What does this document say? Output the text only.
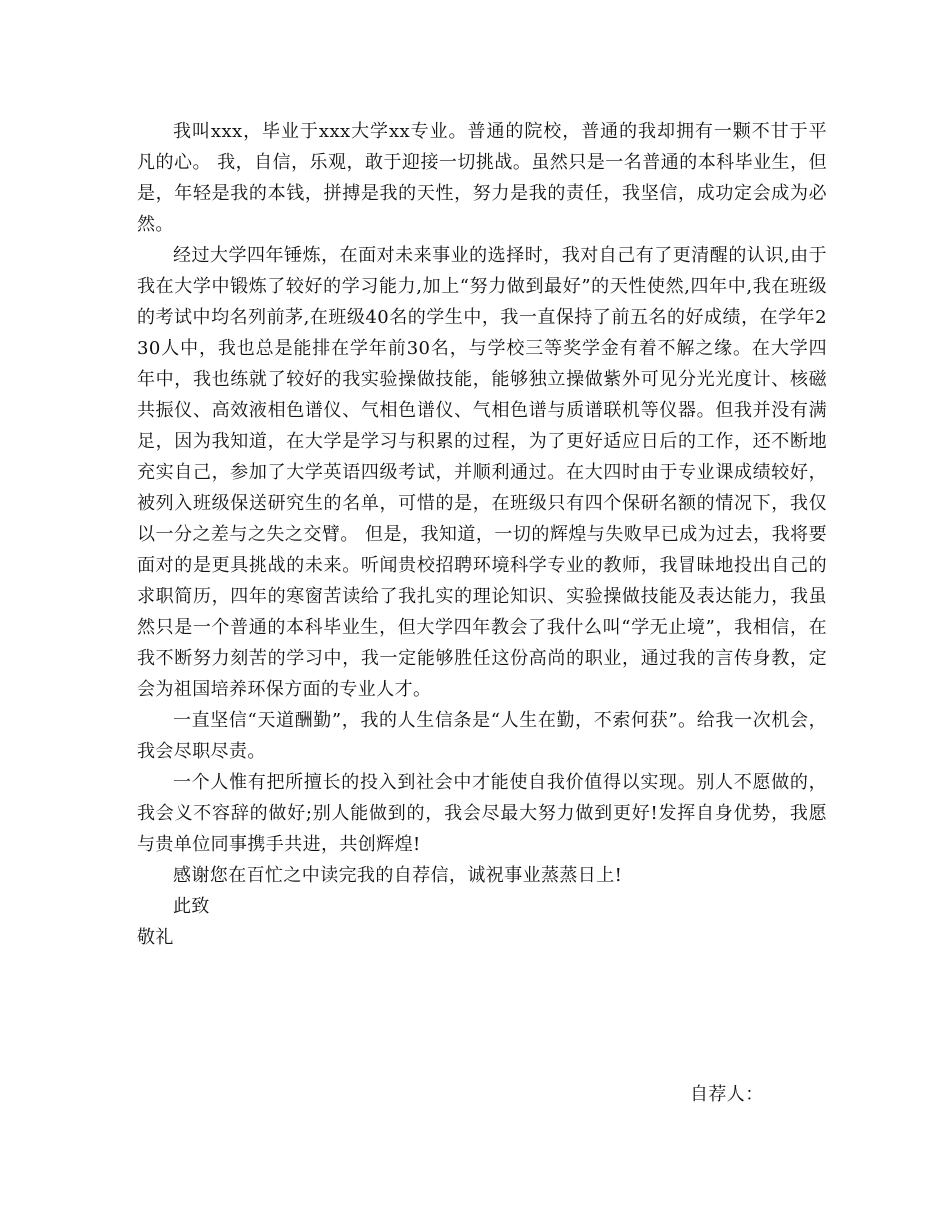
我叫xxx，毕业于xxx大学xx专业。普通的院校，普通的我却拥有一颗不甘于平凡的心。 我，自信，乐观，敢于迎接一切挑战。虽然只是一名普通的本科毕业生，但是，年轻是我的本钱，拼搏是我的天性，努力是我的责任，我坚信，成功定会成为必然。

经过大学四年锤炼，在面对未来事业的选择时，我对自己有了更清醒的认识,由于我在大学中锻炼了较好的学习能力,加上“努力做到最好”的天性使然,四年中,我在班级的考试中均名列前茅,在班级40名的学生中，我一直保持了前五名的好成绩，在学年230人中，我也总是能排在学年前30名，与学校三等奖学金有着不解之缘。在大学四年中，我也练就了较好的我实验操做技能，能够独立操做紫外可见分光光度计、核磁共振仪、高效液相色谱仪、气相色谱仪、气相色谱与质谱联机等仪器。但我并没有满足，因为我知道，在大学是学习与积累的过程，为了更好适应日后的工作，还不断地充实自己，参加了大学英语四级考试，并顺利通过。在大四时由于专业课成绩较好，被列入班级保送研究生的名单，可惜的是，在班级只有四个保研名额的情况下，我仅以一分之差与之失之交臂。 但是，我知道，一切的辉煌与失败早已成为过去，我将要面对的是更具挑战的未来。听闻贵校招聘环境科学专业的教师，我冒昧地投出自己的求职简历，四年的寒窗苦读给了我扎实的理论知识、实验操做技能及表达能力，我虽然只是一个普通的本科毕业生，但大学四年教会了我什么叫“学无止境”，我相信，在我不断努力刻苦的学习中，我一定能够胜任这份高尚的职业，通过我的言传身教，定会为祖国培养环保方面的专业人才。

一直坚信“天道酬勤”，我的人生信条是“人生在勤，不索何获”。给我一次机会，我会尽职尽责。

一个人惟有把所擅长的投入到社会中才能使自我价值得以实现。别人不愿做的，我会义不容辞的做好;别人能做到的，我会尽最大努力做到更好!发挥自身优势，我愿与贵单位同事携手共进，共创辉煌!

感谢您在百忙之中读完我的自荐信，诚祝事业蒸蒸日上!

此致

敬礼

自荐人：
